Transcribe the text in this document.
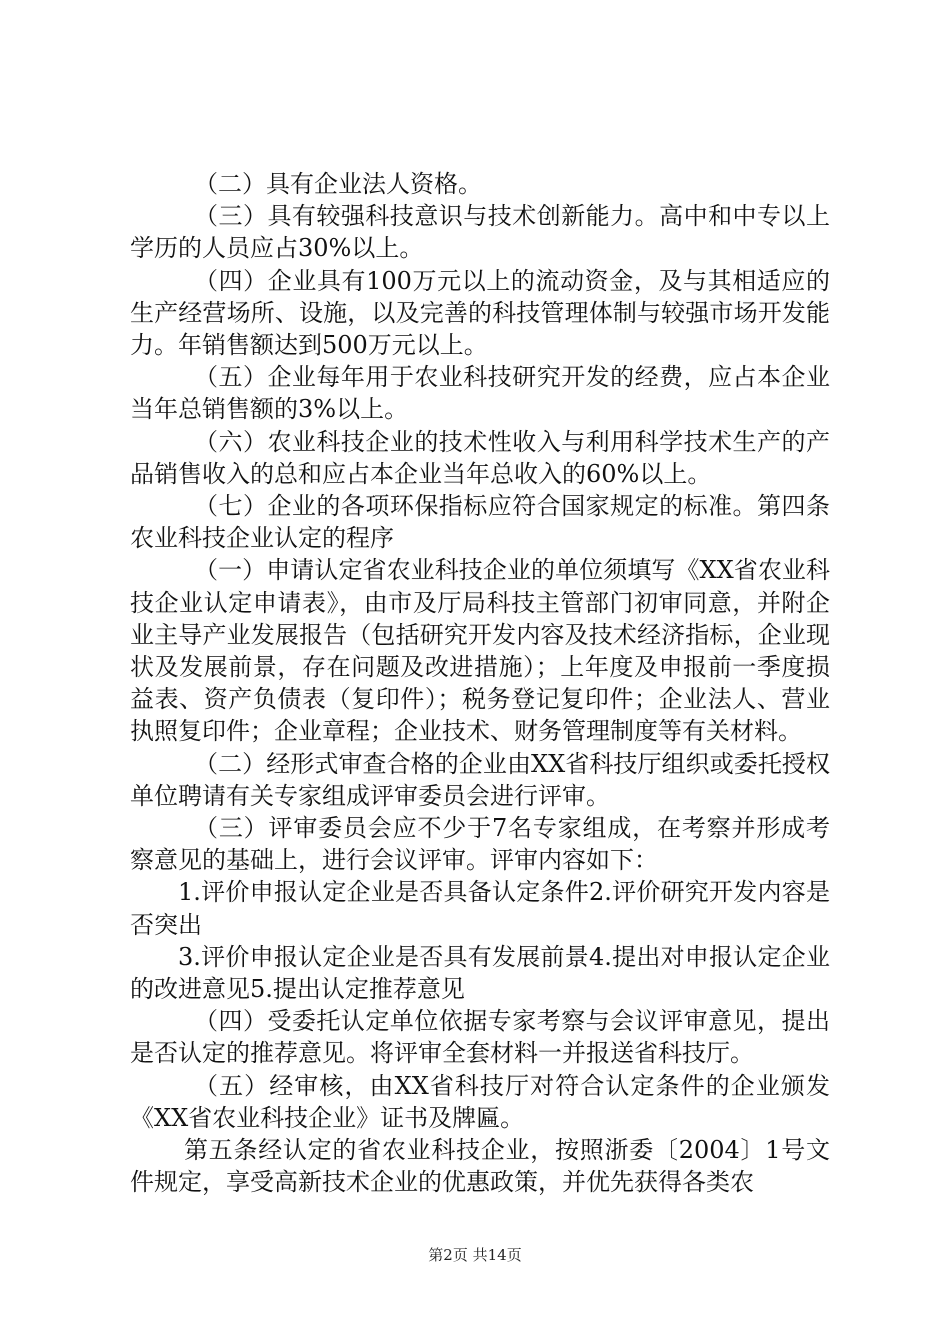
（二）具有企业法人资格。

（三）具有较强科技意识与技术创新能力。高中和中专以上学历的人员应占30%以上。

（四）企业具有100万元以上的流动资金，及与其相适应的生产经营场所、设施，以及完善的科技管理体制与较强市场开发能力。年销售额达到500万元以上。

（五）企业每年用于农业科技研究开发的经费，应占本企业当年总销售额的3%以上。

（六）农业科技企业的技术性收入与利用科学技术生产的产品销售收入的总和应占本企业当年总收入的60%以上。

（七）企业的各项环保指标应符合国家规定的标准。第四条农业科技企业认定的程序

（一）申请认定省农业科技企业的单位须填写《XX省农业科技企业认定申请表》，由市及厅局科技主管部门初审同意，并附企业主导产业发展报告（包括研究开发内容及技术经济指标，企业现状及发展前景，存在问题及改进措施）；上年度及申报前一季度损益表、资产负债表（复印件）；税务登记复印件；企业法人、营业执照复印件；企业章程；企业技术、财务管理制度等有关材料。

（二）经形式审查合格的企业由XX省科技厅组织或委托授权单位聘请有关专家组成评审委员会进行评审。

（三）评审委员会应不少于7名专家组成，在考察并形成考察意见的基础上，进行会议评审。评审内容如下：

1.评价申报认定企业是否具备认定条件2.评价研究开发内容是否突出

3.评价申报认定企业是否具有发展前景4.提出对申报认定企业的改进意见5.提出认定推荐意见

（四）受委托认定单位依据专家考察与会议评审意见，提出是否认定的推荐意见。将评审全套材料一并报送省科技厅。

（五）经审核，由XX省科技厅对符合认定条件的企业颁发《XX省农业科技企业》证书及牌匾。

第五条经认定的省农业科技企业，按照浙委〔2004〕1号文件规定，享受高新技术企业的优惠政策，并优先获得各类农

第2页 共14页
